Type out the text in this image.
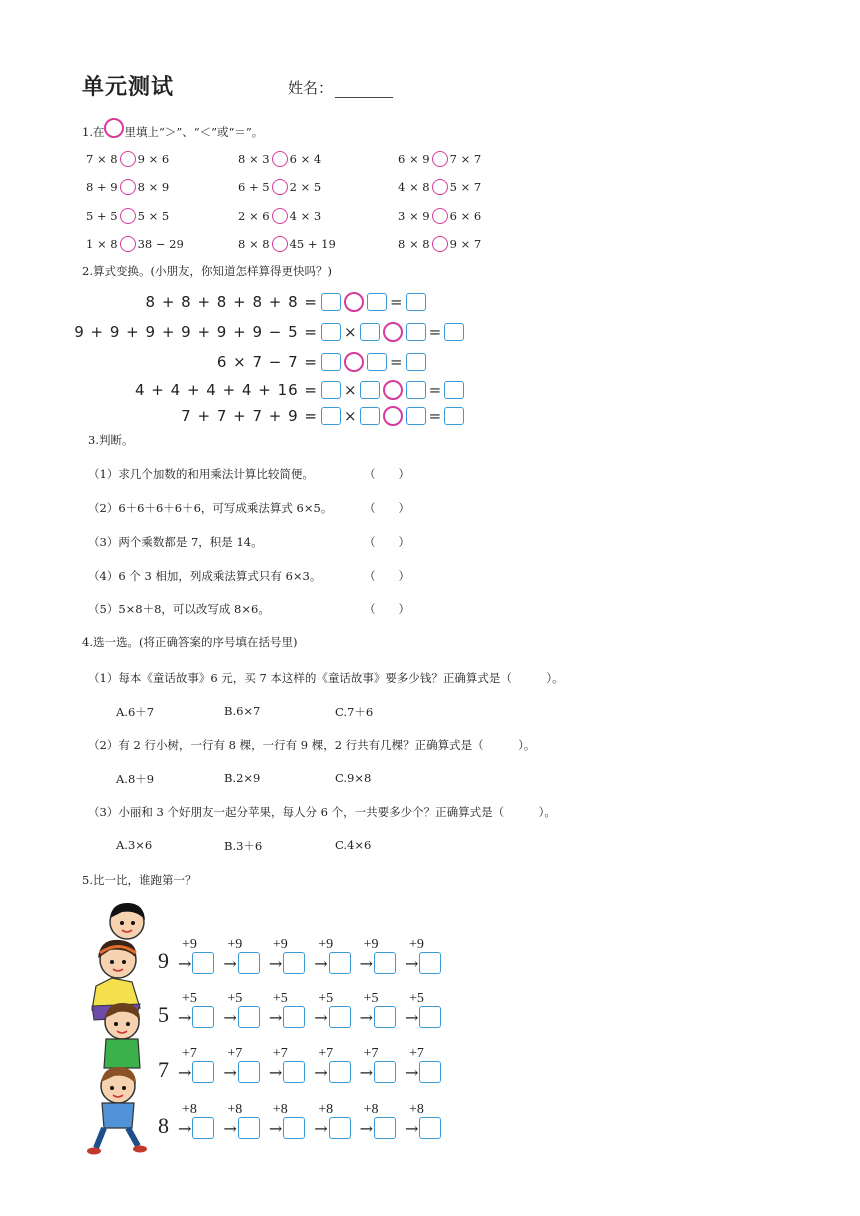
单元测试	姓名：
1.在 里填上“＞”、“＜”或“＝”。
7 × 8 9 × 6	8 × 3 6 × 4	6 × 9 7 × 7
8 + 9 8 × 9	6 + 5 2 × 5	4 × 8 5 × 7
5 + 5 5 × 5	2 × 6 4 × 3	3 × 9 6 × 6
1 × 8 38 − 29	8 × 8 45 + 19	8 × 8 9 × 7
2.算式变换。(小朋友，你知道怎样算得更快吗？)
8 + 8 + 8 + 8 + 8 =	=
9 + 9 + 9 + 9 + 9 + 9 − 5 = ×	=
6 × 7 − 7 =	=
4 + 4 + 4 + 4 + 16 = ×	=
7 + 7 + 7 + 9 = ×	=
3.判断。
（1）求几个加数的和用乘法计算比较简便。	（　　）
（2）6＋6＋6＋6＋6，可写成乘法算式 6×5。	（　　）
（3）两个乘数都是 7，积是 14。	（　　）
（4）6 个 3 相加，列成乘法算式只有 6×3。	（　　）
（5）5×8＋8，可以改写成 8×6。	（　　）
4.选一选。(将正确答案的序号填在括号里)
（1）每本《童话故事》6 元，买 7 本这样的《童话故事》要多少钱？正确算式是（　　　）。
A.6＋7	B.6×7	C.7＋6
（2）有 2 行小树，一行有 8 棵，一行有 9 棵，2 行共有几棵？正确算式是（　　　）。
A.8＋9	B.2×9	C.9×8
（3）小丽和 3 个好朋友一起分苹果，每人分 6 个，一共要多少个？正确算式是（　　　）。
A.3×6	B.3＋6	C.4×6
5.比一比，谁跑第一？
9
+9
→
+9
→
+9
→
+9
→
+9
→
+9
→
5
+5
→
+5
→
+5
→
+5
→
+5
→
+5
→
7
+7
→
+7
→
+7
→
+7
→
+7
→
+7
→
8
+8
→
+8
→
+8
→
+8
→
+8
→
+8
→
